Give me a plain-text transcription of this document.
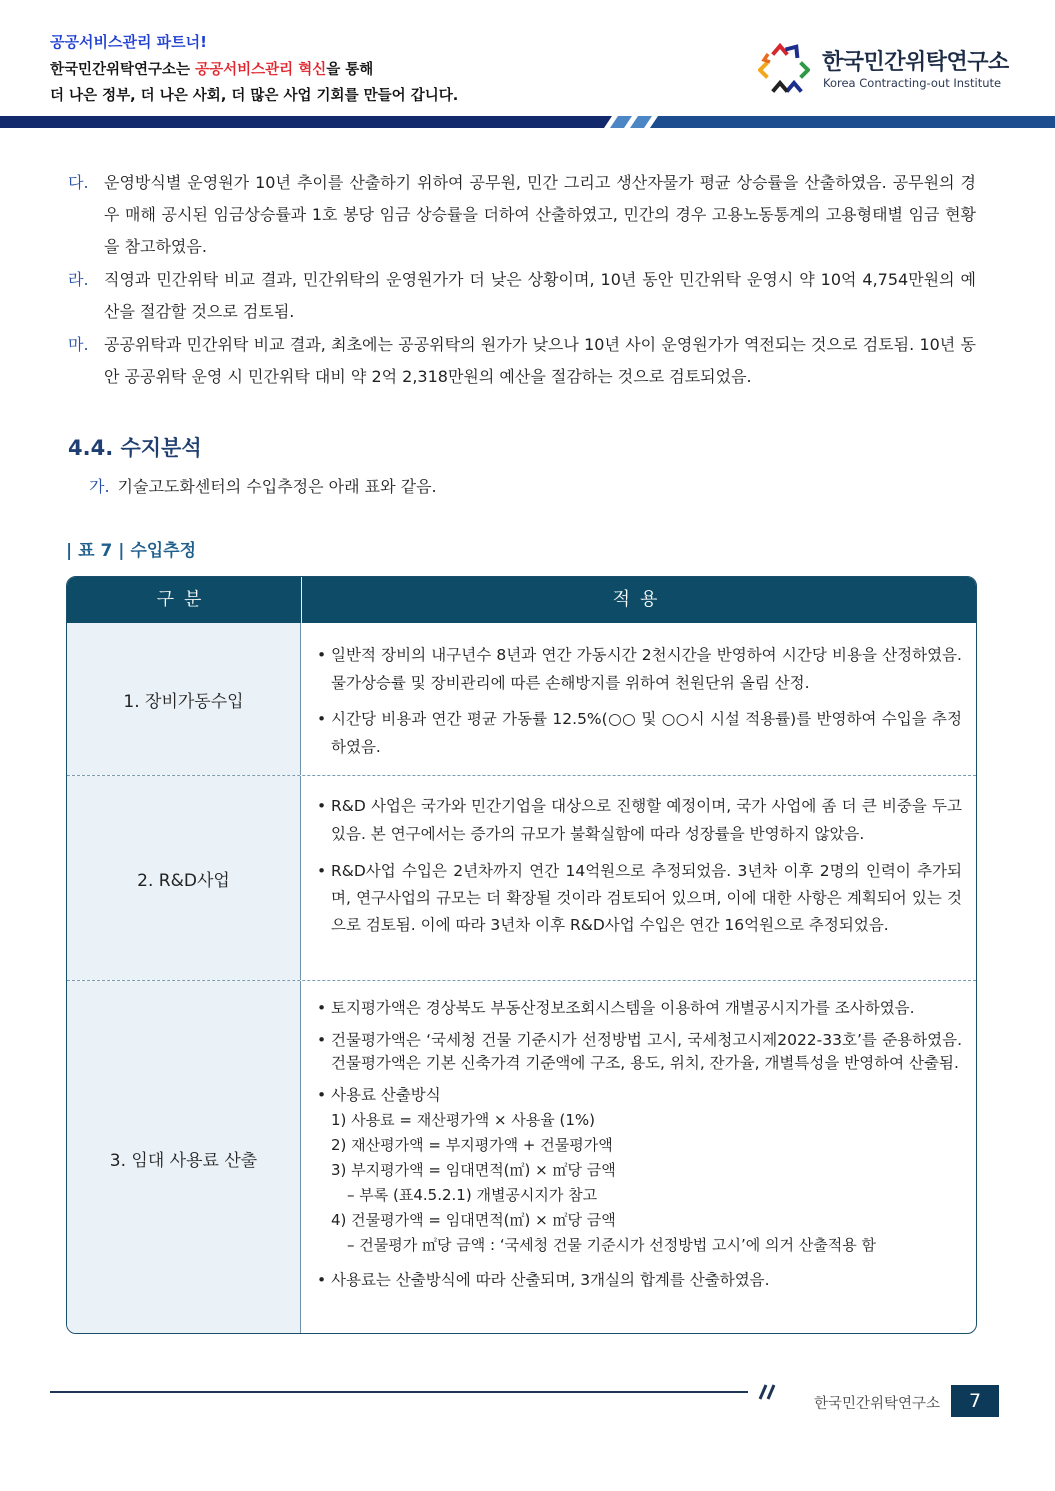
공공서비스관리 파트너!
한국민간위탁연구소는 공공서비스관리 혁신을 통해
더 나은 정부, 더 나은 사회, 더 많은 사업 기회를 만들어 갑니다.
한국민간위탁연구소
Korea Contracting-out Institute
다. 운영방식별 운영원가 10년 추이를 산출하기 위하여 공무원, 민간 그리고 생산자물가 평균 상승률을 산출하였음. 공무원의 경우 매해 공시된 임금상승률과 1호 봉당 임금 상승률을 더하여 산출하였고, 민간의 경우 고용노동통계의 고용형태별 임금 현황을 참고하였음.
라. 직영과 민간위탁 비교 결과, 민간위탁의 운영원가가 더 낮은 상황이며, 10년 동안 민간위탁 운영시 약 10억 4,754만원의 예산을 절감할 것으로 검토됨.
마. 공공위탁과 민간위탁 비교 결과, 최초에는 공공위탁의 원가가 낮으나 10년 사이 운영원가가 역전되는 것으로 검토됨. 10년 동안 공공위탁 운영 시 민간위탁 대비 약 2억 2,318만원의 예산을 절감하는 것으로 검토되었음.
4.4. 수지분석
가. 기술고도화센터의 수입추정은 아래 표와 같음.
| 표 7 | 수입추정
구분	적용
1. 장비가동수입
• 일반적 장비의 내구년수 8년과 연간 가동시간 2천시간을 반영하여 시간당 비용을 산정하였음. 물가상승률 및 장비관리에 따른 손해방지를 위하여 천원단위 올림 산정.
• 시간당 비용과 연간 평균 가동률 12.5%(○○ 및 ○○시 시설 적용률)를 반영하여 수입을 추정하였음.
2. R&D사업
• R&D 사업은 국가와 민간기업을 대상으로 진행할 예정이며, 국가 사업에 좀 더 큰 비중을 두고 있음. 본 연구에서는 증가의 규모가 불확실함에 따라 성장률을 반영하지 않았음.
• R&D사업 수입은 2년차까지 연간 14억원으로 추정되었음. 3년차 이후 2명의 인력이 추가되며, 연구사업의 규모는 더 확장될 것이라 검토되어 있으며, 이에 대한 사항은 계획되어 있는 것으로 검토됨. 이에 따라 3년차 이후 R&D사업 수입은 연간 16억원으로 추정되었음.
3. 임대 사용료 산출
• 토지평가액은 경상북도 부동산정보조회시스템을 이용하여 개별공시지가를 조사하였음.
• 건물평가액은 ‘국세청 건물 기준시가 선정방법 고시, 국세청고시제2022-33호’를 준용하였음. 건물평가액은 기본 신축가격 기준액에 구조, 용도, 위치, 잔가율, 개별특성을 반영하여 산출됨.
• 사용료 산출방식
1) 사용료 = 재산평가액 × 사용율 (1%)
2) 재산평가액 = 부지평가액 + 건물평가액
3) 부지평가액 = 임대면적(㎡) × ㎡당 금액
– 부록 (표4.5.2.1) 개별공시지가 참고
4) 건물평가액 = 임대면적(㎡) × ㎡당 금액
– 건물평가 ㎡당 금액 : ‘국세청 건물 기준시가 선정방법 고시’에 의거 산출적용 함
• 사용료는 산출방식에 따라 산출되며, 3개실의 합계를 산출하였음.
한국민간위탁연구소	7
